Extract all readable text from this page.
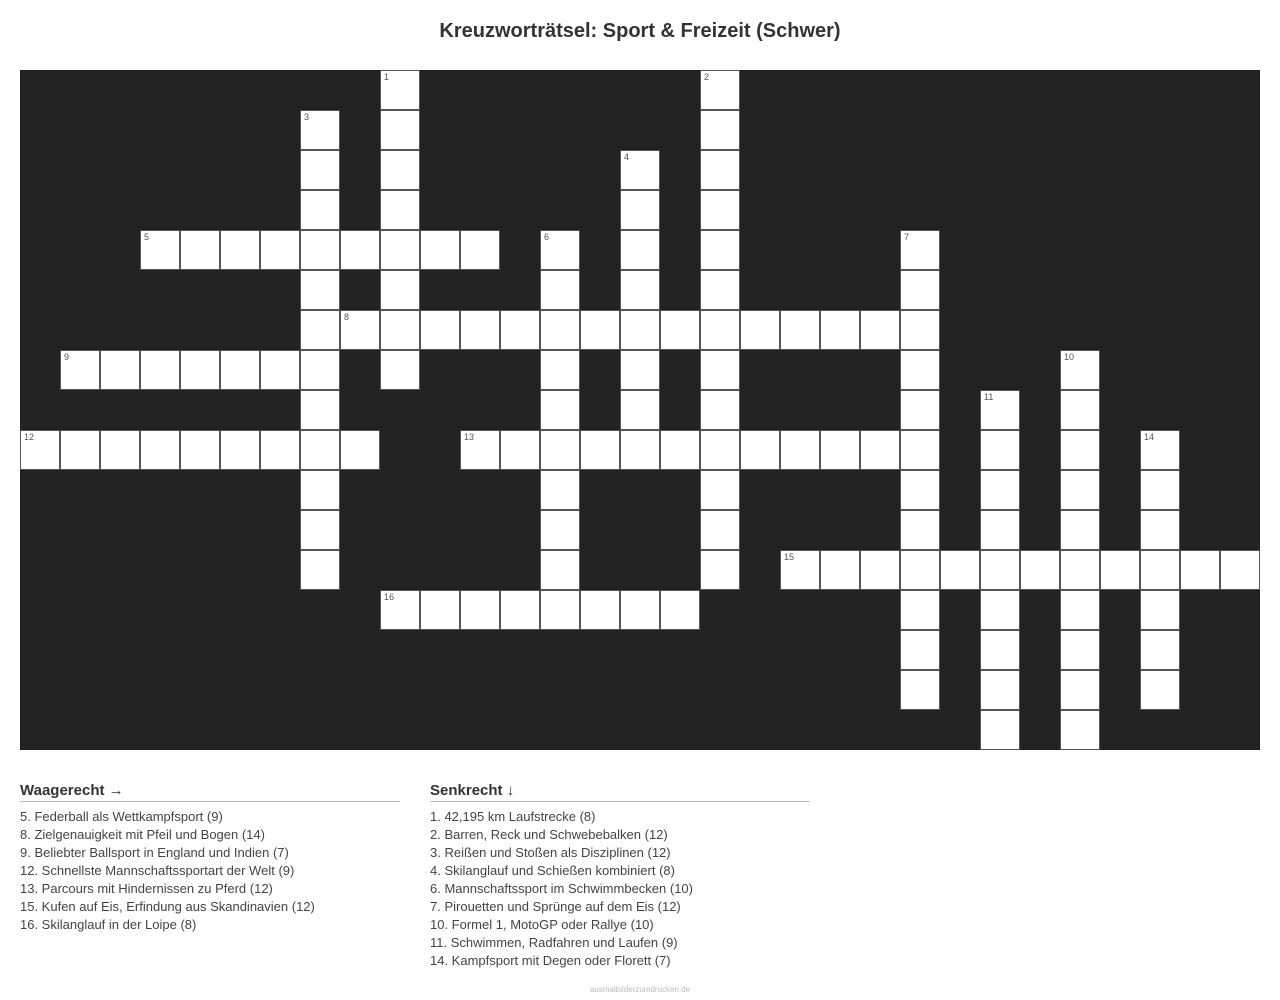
Kreuzworträtsel: Sport & Freizeit (Schwer)
1	2
3
4
5	6	7
8
9	10
11
12	13	14
15
16
Waagerecht →
5. Federball als Wettkampfsport (9)
8. Zielgenauigkeit mit Pfeil und Bogen (14)
9. Beliebter Ballsport in England und Indien (7)
12. Schnellste Mannschaftssportart der Welt (9)
13. Parcours mit Hindernissen zu Pferd (12)
15. Kufen auf Eis, Erfindung aus Skandinavien (12)
16. Skilanglauf in der Loipe (8)
Senkrecht ↓
1. 42,195 km Laufstrecke (8)
2. Barren, Reck und Schwebebalken (12)
3. Reißen und Stoßen als Disziplinen (12)
4. Skilanglauf und Schießen kombiniert (8)
6. Mannschaftssport im Schwimmbecken (10)
7. Pirouetten und Sprünge auf dem Eis (12)
10. Formel 1, MotoGP oder Rallye (10)
11. Schwimmen, Radfahren und Laufen (9)
14. Kampfsport mit Degen oder Florett (7)
ausmalbilderzumdrucken.de
